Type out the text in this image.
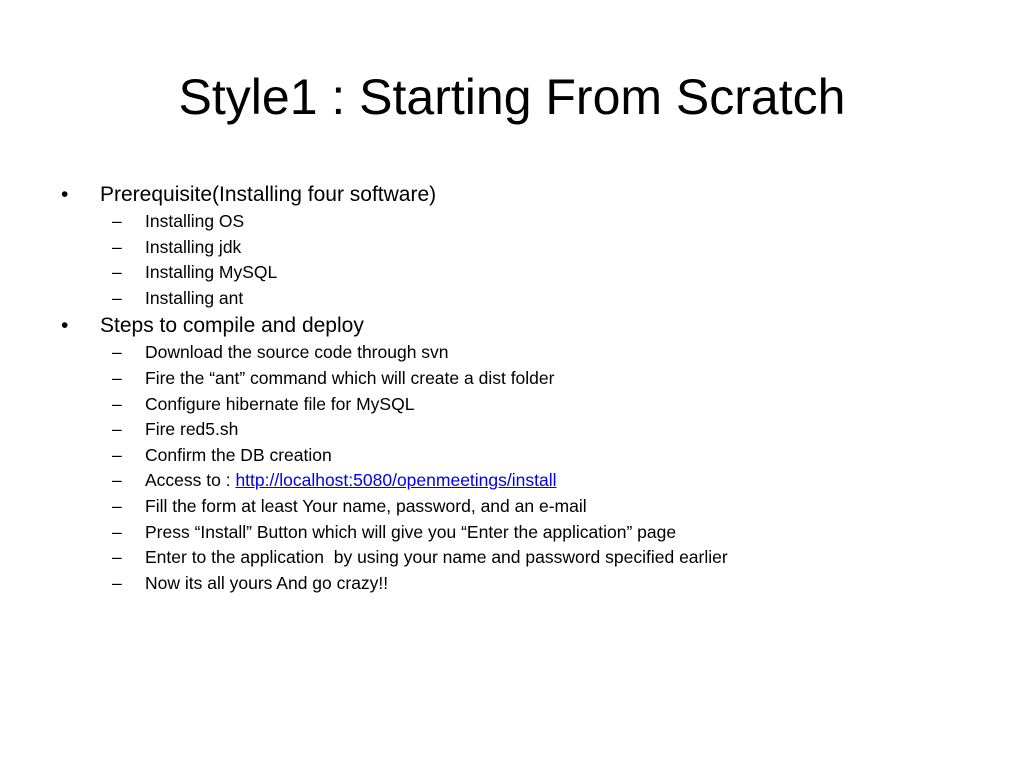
Style1 : Starting From Scratch
• Prerequisite(Installing four software)
– Installing OS
– Installing jdk
– Installing MySQL
– Installing ant
• Steps to compile and deploy
– Download the source code through svn
– Fire the “ant” command which will create a dist folder
– Configure hibernate file for MySQL
– Fire red5.sh
– Confirm the DB creation
– Access to : http://localhost:5080/openmeetings/install
– Fill the form at least Your name, password, and an e-mail
– Press “Install” Button which will give you “Enter the application” page
– Enter to the application  by using your name and password specified earlier
– Now its all yours And go crazy!!
